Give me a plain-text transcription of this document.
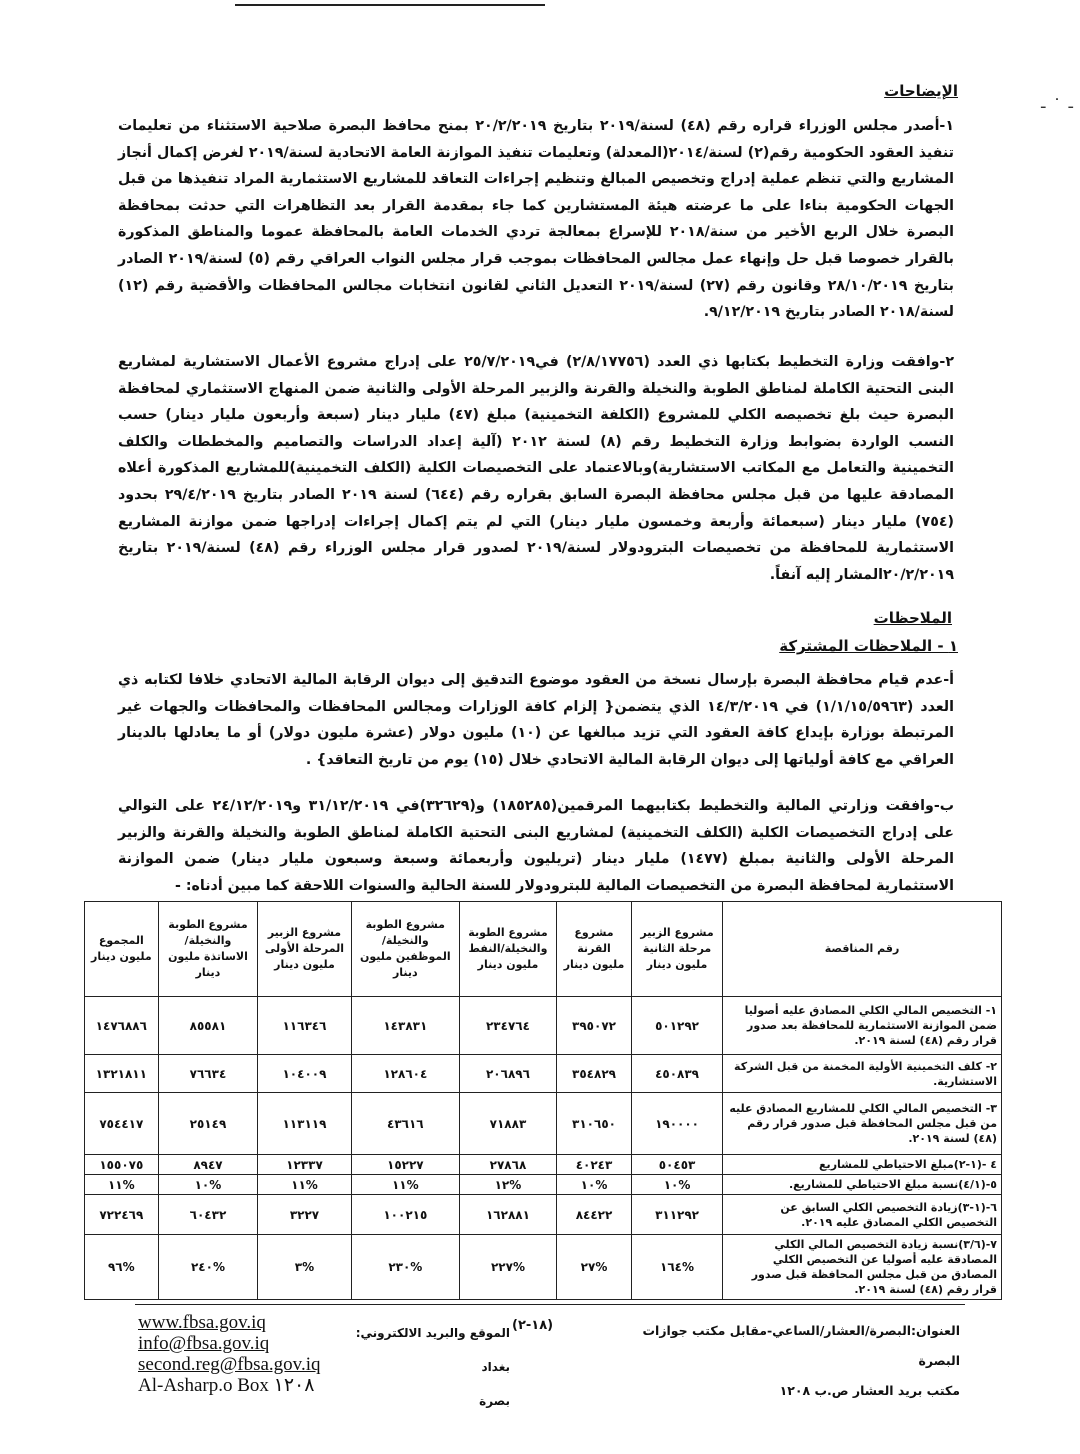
-˙-
الإيضاحات
١-أصدر مجلس الوزراء قراره رقم (٤٨) لسنة/٢٠١٩ بتاريخ ٢٠/٢/٢٠١٩ بمنح محافظ البصرة صلاحية الاستثناء من تعليمات تنفيذ العقود الحكومية رقم(٢) لسنة/٢٠١٤(المعدلة) وتعليمات تنفيذ الموازنة العامة الاتحادية لسنة/٢٠١٩ لغرض إكمال أنجاز المشاريع والتي تنظم عملية إدراج وتخصيص المبالغ وتنظيم إجراءات التعاقد للمشاريع الاستثمارية المراد تنفيذها من قبل الجهات الحكومية بناءا على ما عرضته هيئة المستشارين كما جاء بمقدمة القرار بعد التظاهرات التي حدثت بمحافظة البصرة خلال الربع الأخير من سنة/٢٠١٨ للإسراع بمعالجة تردي الخدمات العامة بالمحافظة عموما والمناطق المذكورة بالقرار خصوصا قبل حل وإنهاء عمل مجالس المحافظات بموجب قرار مجلس النواب العراقي رقم (٥) لسنة/٢٠١٩ الصادر بتاريخ ٢٨/١٠/٢٠١٩ وقانون رقم (٢٧) لسنة/٢٠١٩ التعديل الثاني لقانون انتخابات مجالس المحافظات والأقضية رقم (١٢) لسنة/٢٠١٨ الصادر بتاريخ ٩/١٢/٢٠١٩.
٢-وافقت وزارة التخطيط بكتابها ذي العدد (٢/٨/١٧٧٥٦) في٢٥/٧/٢٠١٩ على إدراج مشروع الأعمال الاستشارية لمشاريع البنى التحتية الكاملة لمناطق الطوبة والنخيلة والقرنة والزبير المرحلة الأولى والثانية ضمن المنهاج الاستثماري لمحافظة البصرة حيث بلغ تخصيصه الكلي للمشروع (الكلفة التخمينية) مبلغ (٤٧) مليار دينار (سبعة وأربعون مليار دينار) حسب النسب الواردة بضوابط وزارة التخطيط رقم (٨) لسنة ٢٠١٢ (آلية إعداد الدراسات والتصاميم والمخططات والكلف التخمينية والتعامل مع المكاتب الاستشارية)وبالاعتماد على التخصيصات الكلية (الكلف التخمينية)للمشاريع المذكورة أعلاه المصادقة عليها من قبل مجلس محافظة البصرة السابق بقراره رقم (٦٤٤) لسنة ٢٠١٩ الصادر بتاريخ ٢٩/٤/٢٠١٩ بحدود (٧٥٤) مليار دينار (سبعمائة وأربعة وخمسون مليار دينار) التي لم يتم إكمال إجراءات إدراجها ضمن موازنة المشاريع الاستثمارية للمحافظة من تخصيصات البترودولار لسنة/٢٠١٩ لصدور قرار مجلس الوزراء رقم (٤٨) لسنة/٢٠١٩ بتاريخ ٢٠/٢/٢٠١٩المشار إليه آنفاً.
الملاحظات
١ - الملاحظات المشتركة
أ-عدم قيام محافظة البصرة بإرسال نسخة من العقود موضوع التدقيق إلى ديوان الرقابة المالية الاتحادي خلافا لكتابه ذي العدد (١/١/١٥/٥٩٦٣) في ١٤/٣/٢٠١٩ الذي يتضمن{ إلزام كافة الوزارات ومجالس المحافظات والمحافظات والجهات غير المرتبطة بوزارة بإيداع كافة العقود التي تزيد مبالغها عن (١٠) مليون دولار (عشرة مليون دولار) أو ما يعادلها بالدينار العراقي مع كافة أولياتها إلى ديوان الرقابة المالية الاتحادي خلال (١٥) يوم من تاريخ التعاقد} .
ب-وافقت وزارتي المالية والتخطيط بكتابيهما المرقمين(١٨٥٢٨٥) و(٣٢٦٢٩)في ٣١/١٢/٢٠١٩ و٢٤/١٢/٢٠١٩ على التوالي على إدراج التخصيصات الكلية (الكلف التخمينية) لمشاريع البنى التحتية الكاملة لمناطق الطوبة والنخيلة والقرنة والزبير المرحلة الأولى والثانية بمبلغ (١٤٧٧) مليار دينار (تريليون وأربعمائة وسبعة وسبعون مليار دينار) ضمن الموازنة الاستثمارية لمحافظة البصرة من التخصيصات المالية للبترودولار للسنة الحالية والسنوات اللاحقة كما مبين أدناه: -
رقم المناقصة	مشروع الزبير مرحلة الثانية مليون دينار	مشروع القرنة مليون دينار	مشروع الطوبة والنخيلة/النفط مليون دينار	مشروع الطوبة والنخيلة/الموظفين مليون دينار	مشروع الزبير المرحلة الأولى مليون دينار	مشروع الطوبة والنخيلة/الاساتذة مليون دينار	المجموع مليون دينار
١- التخصيص المالي الكلي المصادق عليه أصوليا ضمن الموازنة الاستثمارية للمحافظة بعد صدور قرار رقم (٤٨) لسنة ٢٠١٩.	٥٠١٢٩٢	٣٩٥٠٧٢	٢٣٤٧٦٤	١٤٣٨٣١	١١٦٣٤٦	٨٥٥٨١	١٤٧٦٨٨٦
٢- كلف التخمينية الأولية المخمنة من قبل الشركة الاستشارية.	٤٥٠٨٣٩	٣٥٤٨٢٩	٢٠٦٨٩٦	١٢٨٦٠٤	١٠٤٠٠٩	٧٦٦٣٤	١٣٢١٨١١
٣- التخصيص المالي الكلي للمشاريع المصادق عليه من قبل مجلس المحافظة قبل صدور قرار رقم (٤٨) لسنة ٢٠١٩.	١٩٠٠٠٠	٣١٠٦٥٠	٧١٨٨٣	٤٣٦١٦	١١٣١١٩	٢٥١٤٩	٧٥٤٤١٧
٤ -(١-٢)مبلغ الاحتياطي للمشاريع	٥٠٤٥٣	٤٠٢٤٣	٢٧٨٦٨	١٥٢٢٧	١٢٣٣٧	٨٩٤٧	١٥٥٠٧٥
٥-(٤/١)نسبة مبلغ الاحتياطي للمشاريع.	%١٠	%١٠	%١٢	%١١	%١١	%١٠	%١١
٦-(١-٣)زيادة التخصيص الكلي السابق عن التخصيص الكلي المصادق عليه ٢٠١٩.	٣١١٢٩٢	٨٤٤٢٢	١٦٢٨٨١	١٠٠٢١٥	٣٢٢٧	٦٠٤٣٢	٧٢٢٤٦٩
٧-(٣/٦)نسبة زيادة التخصيص المالي الكلي المصادقة عليه أصوليا عن التخصيص الكلي المصادق من قبل مجلس المحافظة قبل صدور قرار رقم (٤٨) لسنة ٢٠١٩.	%١٦٤	%٢٧	%٢٢٧	%٢٣٠	%٣	%٢٤٠	%٩٦
www.fbsa.gov.iq
info@fbsa.gov.iq
second.reg@fbsa.gov.iq
Al-Asharp.o Box ١٢٠٨
الموقع والبريد الالكتروني:
بغداد
بصرة
(١٨-٢)	العنوان:البصرة/العشار/الساعي-مقابل مكتب جوازات
البصرة
مكتب بريد العشار ص.ب ١٢٠٨
